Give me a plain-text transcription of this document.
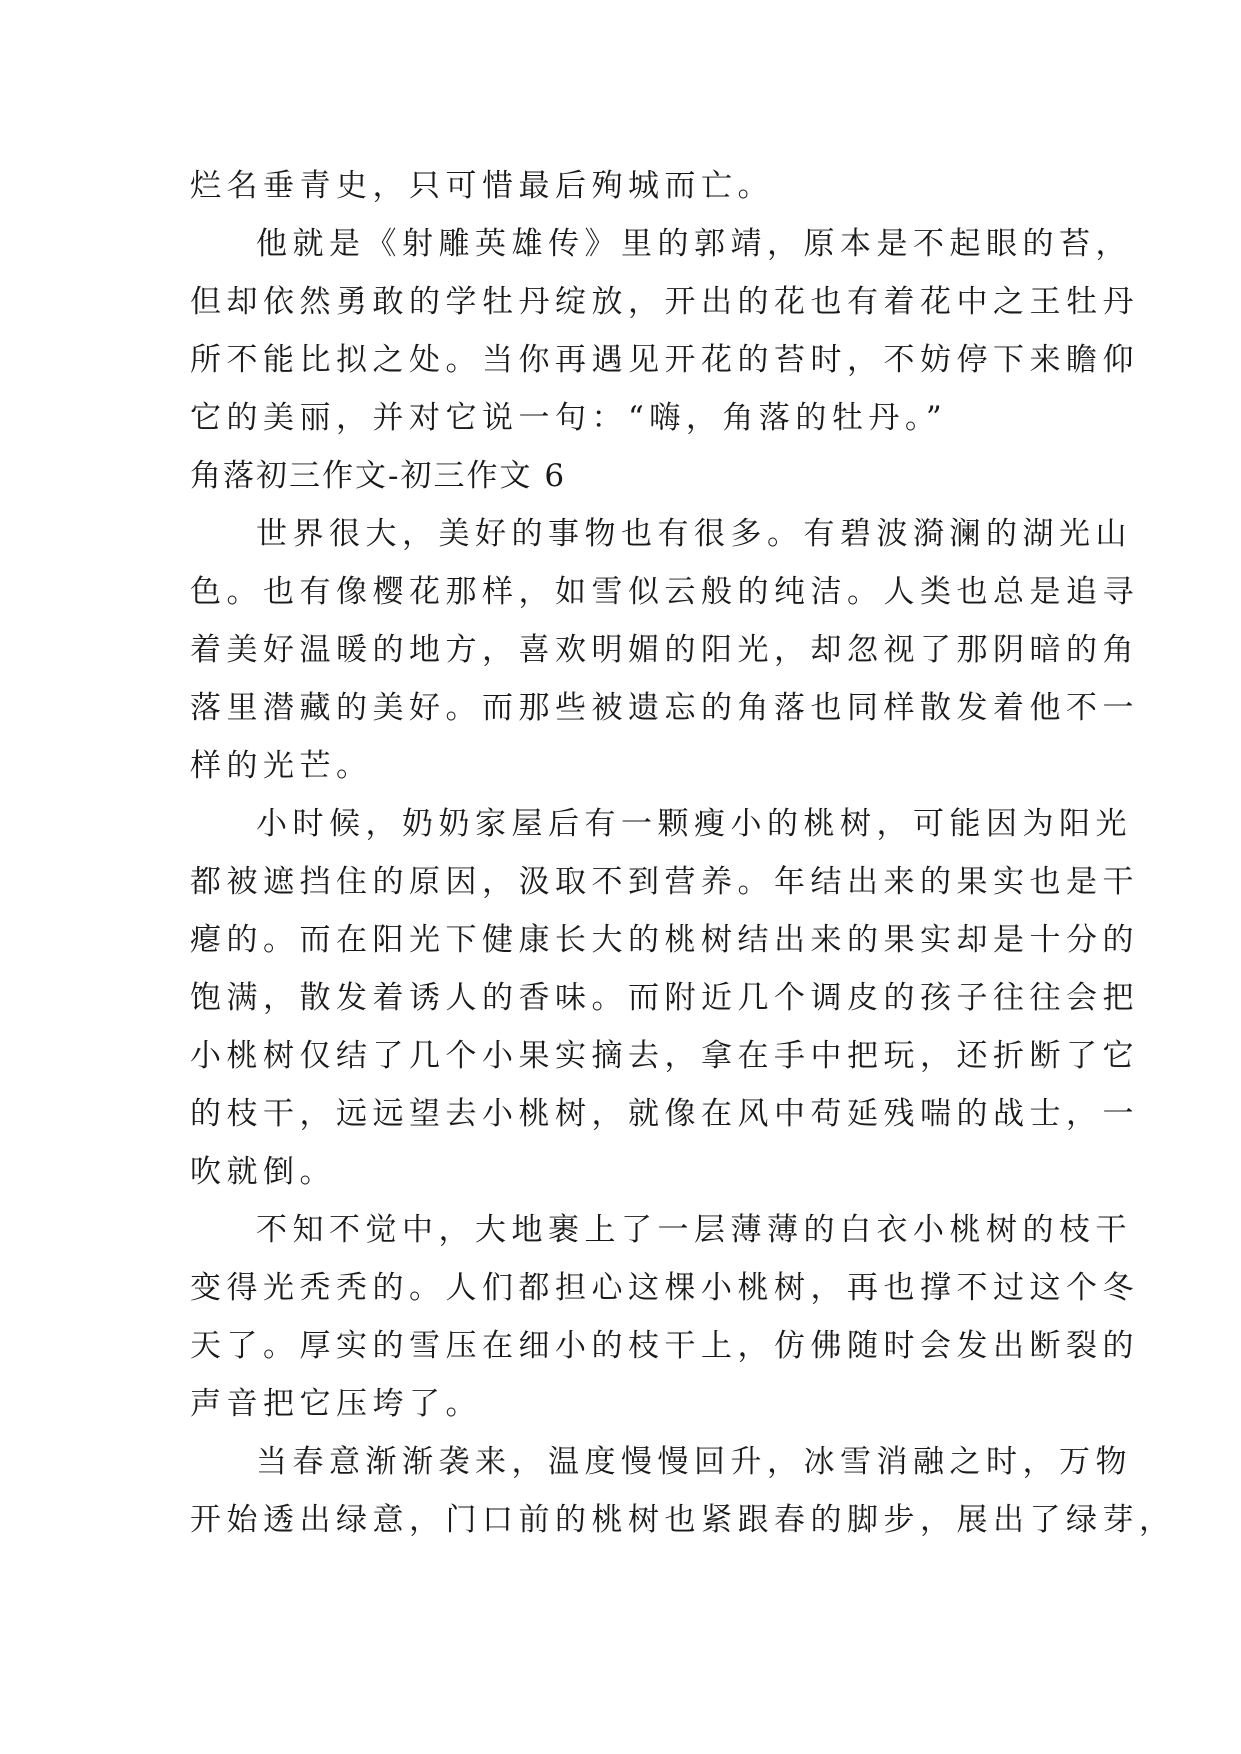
烂名垂青史，只可惜最后殉城而亡。
他就是《射雕英雄传》里的郭靖，原本是不起眼的苔，
但却依然勇敢的学牡丹绽放，开出的花也有着花中之王牡丹
所不能比拟之处。当你再遇见开花的苔时，不妨停下来瞻仰
它的美丽，并对它说一句：“嗨，角落的牡丹。”
角落初三作文-初三作文 6
世界很大，美好的事物也有很多。有碧波漪澜的湖光山
色。也有像樱花那样，如雪似云般的纯洁。人类也总是追寻
着美好温暖的地方，喜欢明媚的阳光，却忽视了那阴暗的角
落里潜藏的美好。而那些被遗忘的角落也同样散发着他不一
样的光芒。
小时候，奶奶家屋后有一颗瘦小的桃树，可能因为阳光
都被遮挡住的原因，汲取不到营养。年结出来的果实也是干
瘪的。而在阳光下健康长大的桃树结出来的果实却是十分的
饱满，散发着诱人的香味。而附近几个调皮的孩子往往会把
小桃树仅结了几个小果实摘去，拿在手中把玩，还折断了它
的枝干，远远望去小桃树，就像在风中苟延残喘的战士，一
吹就倒。
不知不觉中，大地裹上了一层薄薄的白衣小桃树的枝干
变得光秃秃的。人们都担心这棵小桃树，再也撑不过这个冬
天了。厚实的雪压在细小的枝干上，仿佛随时会发出断裂的
声音把它压垮了。
当春意渐渐袭来，温度慢慢回升，冰雪消融之时，万物
开始透出绿意，门口前的桃树也紧跟春的脚步，展出了绿芽，
